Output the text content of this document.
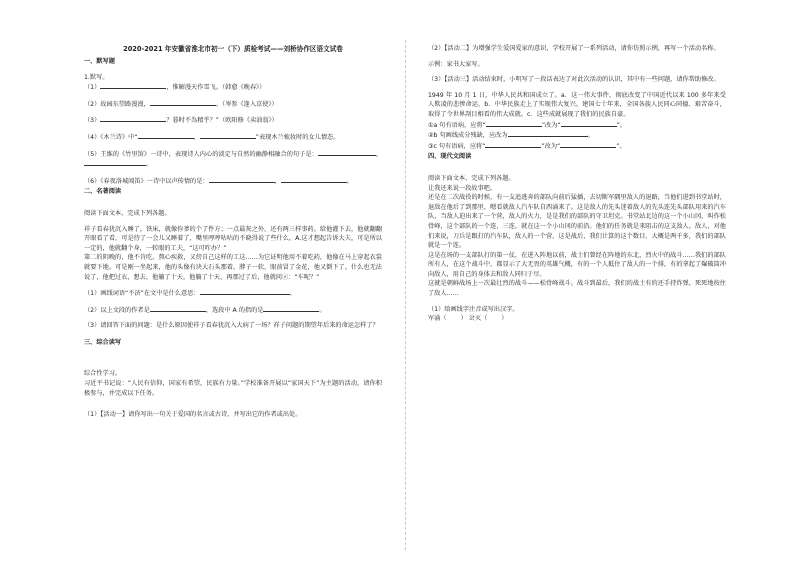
2020-2021 年安徽省淮北市初一（下）质检考试——刘桥协作区语文试卷
一、默写题
1.默写。
（1）	，惟解漫天作雪飞。（韩愈《晚春》）
（2）故园东望路漫漫，	。（岑参《逢入京使》）
（3）	？暮时不為精乎？”（欧阳修《卖油翁》）
（4）《木兰诗》中“	，	”表现木兰梳妆时的女儿情态。
（5）王维的《竹里馆》一诗中，表现诗人内心的淡定与自然的幽静相融合的句子是：	，。
（6）《春夜洛城闻笛》一诗中以声传情的是：	，	。
二、名著阅读
阅读下面文本，完成下列各题。
祥子看春犹沉入睡了，铁床，就像你爹的个了件方；一点最灰之外，还有两三样事药。给他灌下去，他就翻翻开眼看了看，可是待了一会儿又睡着了，嘴里哼哼咕咕的不晓得说了些什么。A.这才想起告诉大夫，可是所以一定的，他就翻个身，一转眼的工夫，“这可咋办？”
第二的阴晚的，他不肯吃。熬心疾救，又傍自己这样的工这……为它证明他用不着吃药，他像在马上穿起衣裳就要下地。可是刚一坐起来，他的头像有块大石头那着，脖子一软，眼前冒了金花，他又倒下了。什么也无法说了，他把过衣，想去，他躺了十天，他躺了十天，再那过了后，他就问ⓐ：“车呢？”
（1）画线词语“不济”在文中是什么意思：	。
（2）以上文段的作者是	，选段中 A 的指的是	。
（3）请回答下面的问题：是什么原因使祥子看春犹沉入大病了一场？祥子问题的期望年后来的命运怎样了？
三、综合读写
综合性学习。
习近平书记说：“人民有信仰，国家有希望，民族有力量。”学校准备开展以“家国天下”为主题的活动，请你积极参与，并完成以下任务。
（1）【活动一】请你写出一句关于爱国的名言或古诗，并写出它的作者或出处。
（2）【活动二】为增强学生爱国爱家的意识，学校开展了一系列活动，请你仿照示例，再写一个活动名称。
示例：家书大家写。
（3）【活动三】活动结束时，小明写了一段话表达了对此次活动的认识，其中有一些问题，请你帮助修改。
1949 年 10 月 1 日，中华人民共和国成立了。a．这一伟大事件，彻底改变了中国近代以来 100 多年来受人欺凌的悲惨命运，b．中华民族走上了实现伟大复兴。建国七十年来，全国各族人民同心同德、艰苦奋斗，取得了令世界刮目相看的伟大成就。c．这些成就展现了我们的民族自豪。
①a 句有语病，应将“	”改为“	”。
②b 句画线成分残缺，应改为	。
③c 句有语病，应将“	”改为“	”。
四、现代文阅读
阅读下面文本，完成下列各题。
让我还来说一段故事吧。
还是在二次战役的时候，有一支追逃奔的部队向前后猛插，去切断军隅里敌人的退路，当他们进到书堂站时，退敌在他后了到那里，嗯看就敌人汽车队自西涌来了。这是敌人的先头迷着敌人的先头连先头部队用来的汽车队，当敌人迫出来了一个营，敌人的火力，是是我们的部队的守卫坦克。书堂站北边的这一个小山冈，叫作松骨峰，这个部队的一个连，三连，就在这一个小山冈的前沿。他们的任务就是来阻击的这支敌人。敌人，对他们来说，刀兵是跟打的汽车队，敌人的一个营，这是战后，我们计算的这个数目，大概是两千多，我们的部队就是一个连。
这是在场的一支部队打的第一仗，在进入阵地以前，战士们曾经在阵地的东北，烈火中的战斗……我们的部队所有人，在这个战斗中，都显示了大无畏的英雄气概，有的一个人抵住了敌人的一个排，有的拿起了爆破筒冲向敌人，用自己的身体去和敌人同归于尽。
这就是朝鲜战场上一次最壮烈的战斗——松骨峰战斗。战斗到最后，我们的战士有的还手持炸弹，死死地按住了敌人……
（1）给画线字注音或写出汉字。
军涌（ ） 岔灭（ ）
